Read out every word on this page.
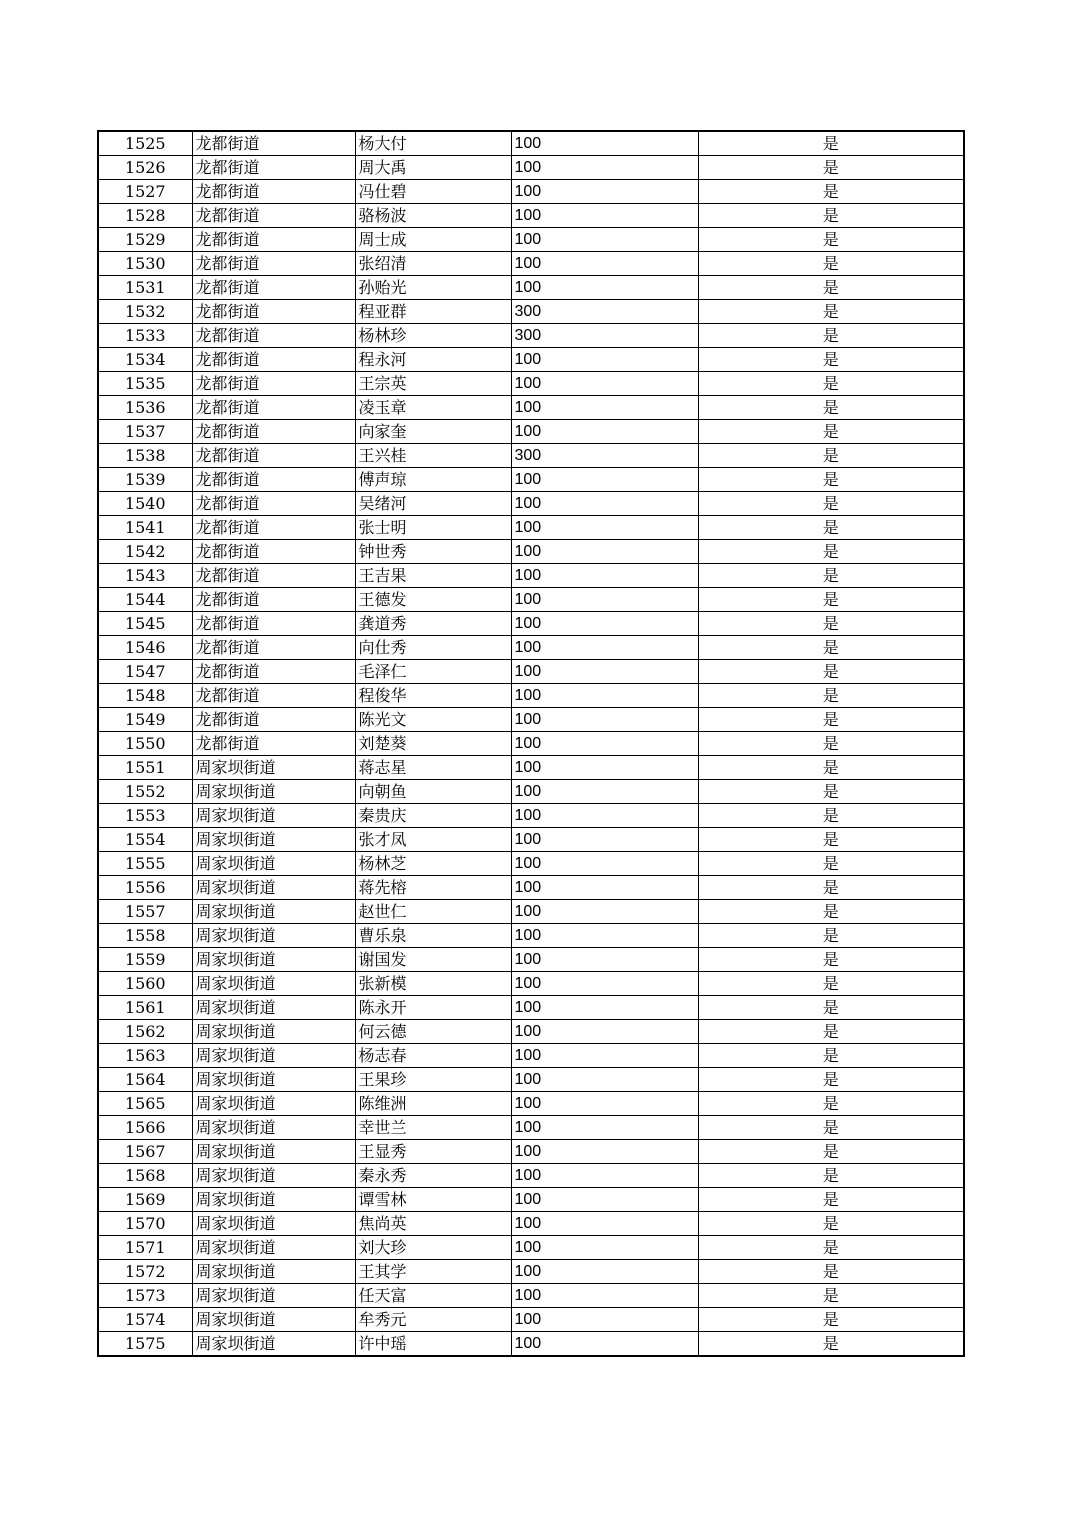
1525	龙都街道	杨大付	100	是
1526	龙都街道	周大禹	100	是
1527	龙都街道	冯仕碧	100	是
1528	龙都街道	骆杨波	100	是
1529	龙都街道	周士成	100	是
1530	龙都街道	张绍清	100	是
1531	龙都街道	孙贻光	100	是
1532	龙都街道	程亚群	300	是
1533	龙都街道	杨林珍	300	是
1534	龙都街道	程永河	100	是
1535	龙都街道	王宗英	100	是
1536	龙都街道	凌玉章	100	是
1537	龙都街道	向家奎	100	是
1538	龙都街道	王兴桂	300	是
1539	龙都街道	傅声琼	100	是
1540	龙都街道	吴绪河	100	是
1541	龙都街道	张士明	100	是
1542	龙都街道	钟世秀	100	是
1543	龙都街道	王吉果	100	是
1544	龙都街道	王德发	100	是
1545	龙都街道	龚道秀	100	是
1546	龙都街道	向仕秀	100	是
1547	龙都街道	毛泽仁	100	是
1548	龙都街道	程俊华	100	是
1549	龙都街道	陈光文	100	是
1550	龙都街道	刘楚葵	100	是
1551	周家坝街道	蒋志星	100	是
1552	周家坝街道	向朝鱼	100	是
1553	周家坝街道	秦贵庆	100	是
1554	周家坝街道	张才凤	100	是
1555	周家坝街道	杨林芝	100	是
1556	周家坝街道	蒋先榕	100	是
1557	周家坝街道	赵世仁	100	是
1558	周家坝街道	曹乐泉	100	是
1559	周家坝街道	谢国发	100	是
1560	周家坝街道	张新模	100	是
1561	周家坝街道	陈永开	100	是
1562	周家坝街道	何云德	100	是
1563	周家坝街道	杨志春	100	是
1564	周家坝街道	王果珍	100	是
1565	周家坝街道	陈维洲	100	是
1566	周家坝街道	幸世兰	100	是
1567	周家坝街道	王显秀	100	是
1568	周家坝街道	秦永秀	100	是
1569	周家坝街道	谭雪林	100	是
1570	周家坝街道	焦尚英	100	是
1571	周家坝街道	刘大珍	100	是
1572	周家坝街道	王其学	100	是
1573	周家坝街道	任天富	100	是
1574	周家坝街道	牟秀元	100	是
1575	周家坝街道	许中瑶	100	是
